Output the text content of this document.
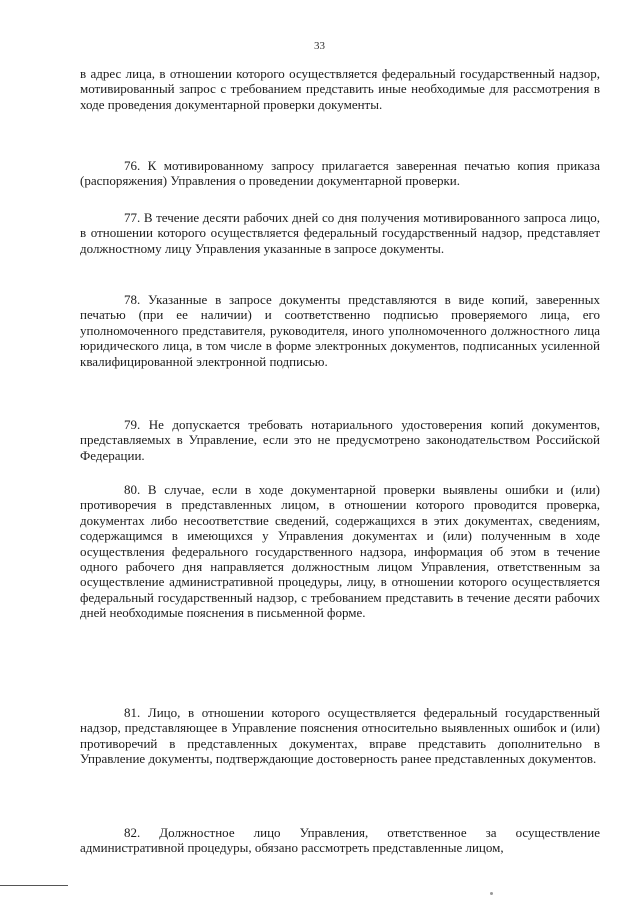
33

в адрес лица, в отношении которого осуществляется федеральный государственный надзор, мотивированный запрос с требованием представить иные необходимые для рассмотрения в ходе проведения документарной проверки документы.

76. К мотивированному запросу прилагается заверенная печатью копия приказа (распоряжения) Управления о проведении документарной проверки.

77. В течение десяти рабочих дней со дня получения мотивированного запроса лицо, в отношении которого осуществляется федеральный государственный надзор, представляет должностному лицу Управления указанные в запросе документы.

78. Указанные в запросе документы представляются в виде копий, заверенных печатью (при ее наличии) и соответственно подписью проверяемого лица, его уполномоченного представителя, руководителя, иного уполномоченного должностного лица юридического лица, в том числе в форме электронных документов, подписанных усиленной квалифицированной электронной подписью.

79. Не допускается требовать нотариального удостоверения копий документов, представляемых в Управление, если это не предусмотрено законодательством Российской Федерации.

80. В случае, если в ходе документарной проверки выявлены ошибки и (или) противоречия в представленных лицом, в отношении которого проводится проверка, документах либо несоответствие сведений, содержащихся в этих документах, сведениям, содержащимся в имеющихся у Управления документах и (или) полученным в ходе осуществления федерального государственного надзора, информация об этом в течение одного рабочего дня направляется должностным лицом Управления, ответственным за осуществление административной процедуры, лицу, в отношении которого осуществляется федеральный государственный надзор, с требованием представить в течение десяти рабочих дней необходимые пояснения в письменной форме.

81. Лицо, в отношении которого осуществляется федеральный государственный надзор, представляющее в Управление пояснения относительно выявленных ошибок и (или) противоречий в представленных документах, вправе представить дополнительно в Управление документы, подтверждающие достоверность ранее представленных документов.

82. Должностное лицо Управления, ответственное за осуществление административной процедуры, обязано рассмотреть представленные лицом,
